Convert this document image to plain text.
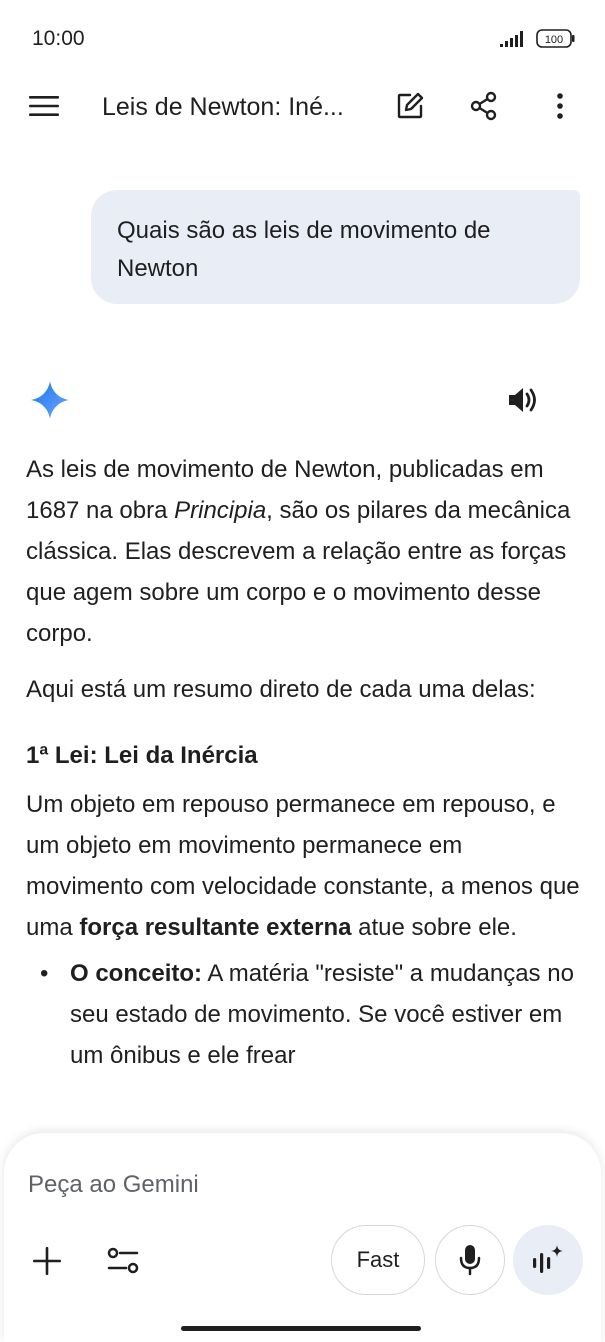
10:00	100
Leis de Newton: Iné...
Quais são as leis de movimento de Newton

As leis de movimento de Newton, publicadas em 1687 na obra Principia, são os pilares da mecânica clássica. Elas descrevem a relação entre as forças que agem sobre um corpo e o movimento desse corpo.

Aqui está um resumo direto de cada uma delas:

1ª Lei: Lei da Inércia

Um objeto em repouso permanece em repouso, e um objeto em movimento permanece em movimento com velocidade constante, a menos que uma força resultante externa atue sobre ele.

• O conceito: A matéria "resiste" a mudanças no seu estado de movimento. Se você estiver em um ônibus e ele frear
Peça ao Gemini
Fast
